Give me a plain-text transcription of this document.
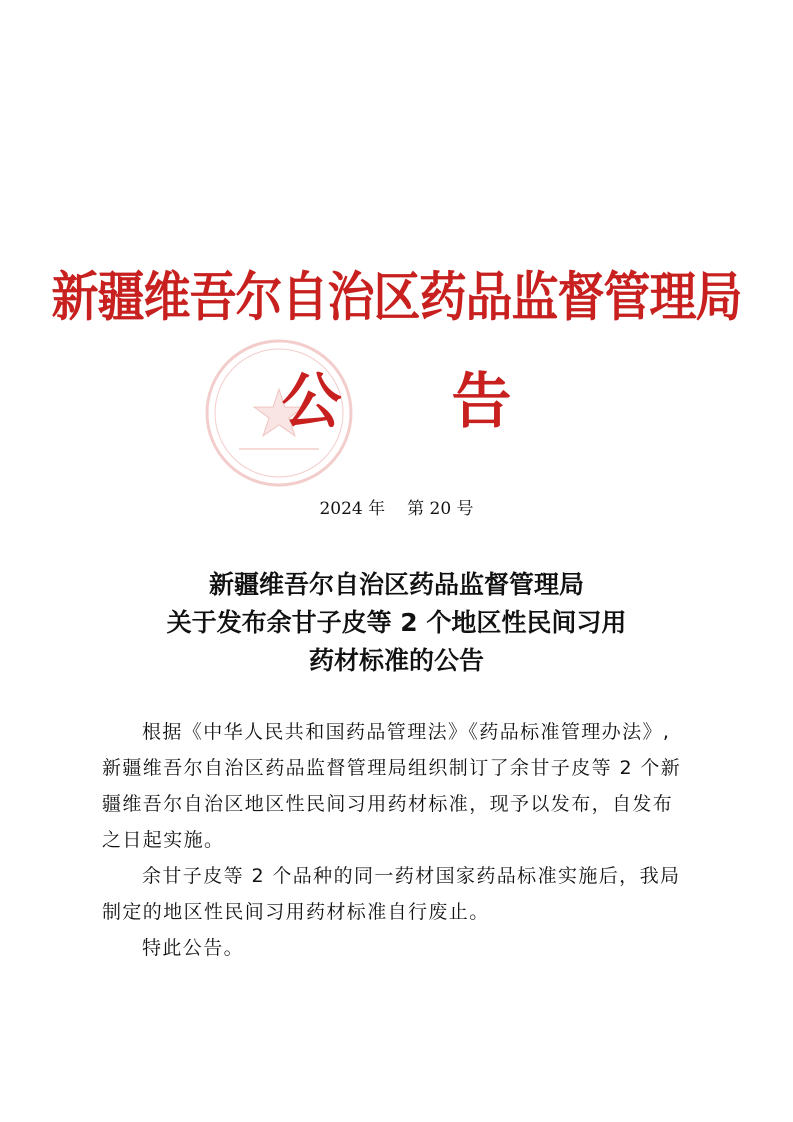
新疆维吾尔自治区药品监督管理局
公 告
2024 年 第 20 号
新疆维吾尔自治区药品监督管理局
关于发布余甘子皮等 2 个地区性民间习用
药材标准的公告

根据《中华人民共和国药品管理法》《药品标准管理办法》,
新疆维吾尔自治区药品监督管理局组织制订了余甘子皮等 2 个新
疆维吾尔自治区地区性民间习用药材标准，现予以发布，自发布
之日起实施。

余甘子皮等 2 个品种的同一药材国家药品标准实施后，我局
制定的地区性民间习用药材标准自行废止。

特此公告。
